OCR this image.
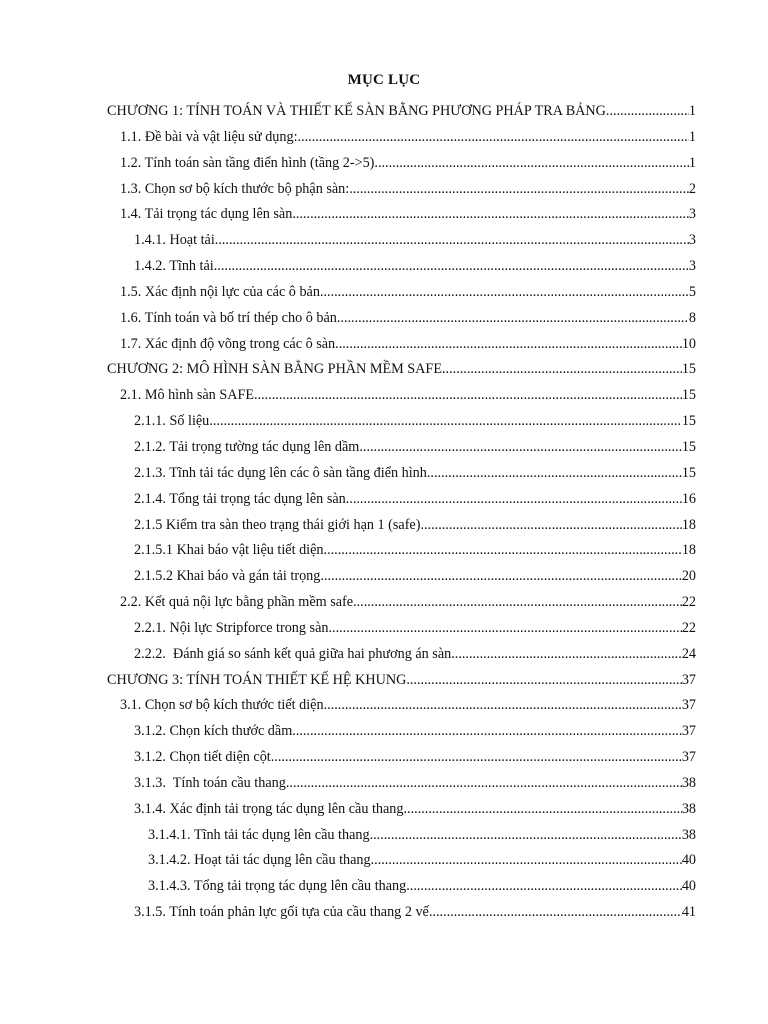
MỤC LỤC
CHƯƠNG 1: TÍNH TOÁN VÀ THIẾT KẾ SÀN BẰNG PHƯƠNG PHÁP TRA BẢNG .....	1
1.1. Đề bài và vật liệu sử dụng: .....	1
1.2. Tính toán sàn tầng điển hình (tầng 2->5) .....	1
1.3. Chọn sơ bộ kích thước bộ phận sàn: .....	2
1.4. Tải trọng tác dụng lên sàn .....	3
1.4.1. Hoạt tải .....	3
1.4.2. Tĩnh tải .....	3
1.5. Xác định nội lực của các ô bản .....	5
1.6. Tính toán và bố trí thép cho ô bản .....	8
1.7. Xác định độ võng trong các ô sàn .....	10
CHƯƠNG 2: MÔ HÌNH SÀN BẰNG PHẦN MỀM SAFE .....	15
2.1. Mô hình sàn SAFE .....	15
2.1.1. Số liệu .....	15
2.1.2. Tải trọng tường tác dụng lên dầm .....	15
2.1.3. Tĩnh tải tác dụng lên các ô sàn tầng điển hình .....	15
2.1.4. Tổng tải trọng tác dụng lên sàn .....	16
2.1.5 Kiểm tra sàn theo trạng thái giới hạn 1 (safe) .....	18
2.1.5.1 Khai báo vật liệu tiết diện .....	18
2.1.5.2 Khai báo và gán tải trọng .....	20
2.2. Kết quả nội lực bằng phần mềm safe .....	22
2.2.1. Nội lực Stripforce trong sàn .....	22
2.2.2.  Đánh giá so sánh kết quả giữa hai phương án sàn .....	24
CHƯƠNG 3: TÍNH TOÁN THIẾT KẾ HỆ KHUNG .....	37
3.1. Chọn sơ bộ kích thước tiết diện .....	37
3.1.2. Chọn kích thước dầm .....	37
3.1.2. Chọn tiết diện cột .....	37
3.1.3.  Tính toán cầu thang .....	38
3.1.4. Xác định tải trọng tác dụng lên cầu thang .....	38
3.1.4.1. Tĩnh tải tác dụng lên cầu thang .....	38
3.1.4.2. Hoạt tải tác dụng lên cầu thang .....	40
3.1.4.3. Tổng tải trọng tác dụng lên cầu thang .....	40
3.1.5. Tính toán phản lực gối tựa của cầu thang 2 vế .....	41
